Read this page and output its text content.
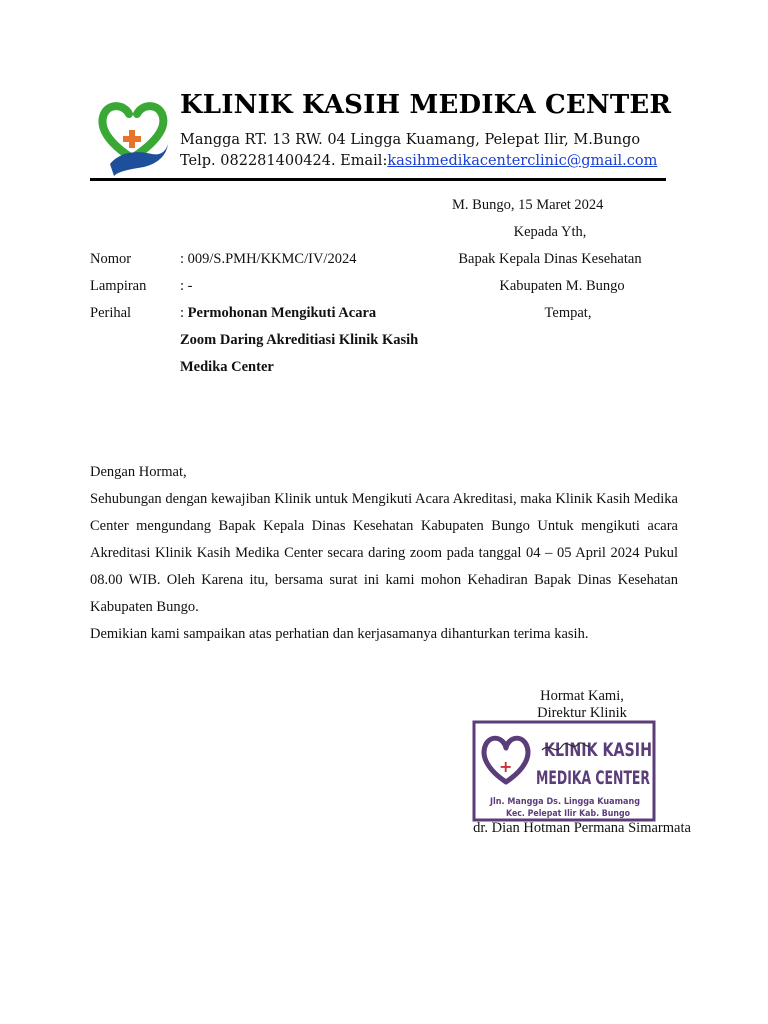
KLINIK KASIH MEDIKA CENTER
Mangga RT. 13 RW. 04 Lingga Kuamang, Pelepat Ilir, M.Bungo
Telp. 082281400424. Email:kasihmedikacenterclinic@gmail.com
M. Bungo, 15 Maret 2024
Kepada Yth,
Bapak Kepala Dinas Kesehatan
Kabupaten M. Bungo
Tempat,
Nomor	: 009/S.PMH/KKMC/IV/2024
Lampiran : -
Perihal	: Permohonan Mengikuti Acara
Zoom Daring Akreditiasi Klinik Kasih
Medika Center
Dengan Hormat,
Sehubungan dengan kewajiban Klinik untuk Mengikuti Acara Akreditasi, maka Klinik Kasih Medika Center mengundang Bapak Kepala Dinas Kesehatan Kabupaten Bungo Untuk mengikuti acara Akreditasi Klinik Kasih Medika Center secara daring zoom pada tanggal 04 – 05 April 2024 Pukul 08.00 WIB. Oleh Karena itu, bersama surat ini kami mohon Kehadiran Bapak Dinas Kesehatan Kabupaten Bungo.
Demikian kami sampaikan atas perhatian dan kerjasamanya dihanturkan terima kasih.
Hormat Kami,
Direktur Klinik
+
KLINIK KASIH
MEDIKA CENTER
Jln. Mangga Ds. Lingga Kuamang
Kec. Pelepat Ilir Kab. Bungo
dr. Dian Hotman Permana Simarmata
